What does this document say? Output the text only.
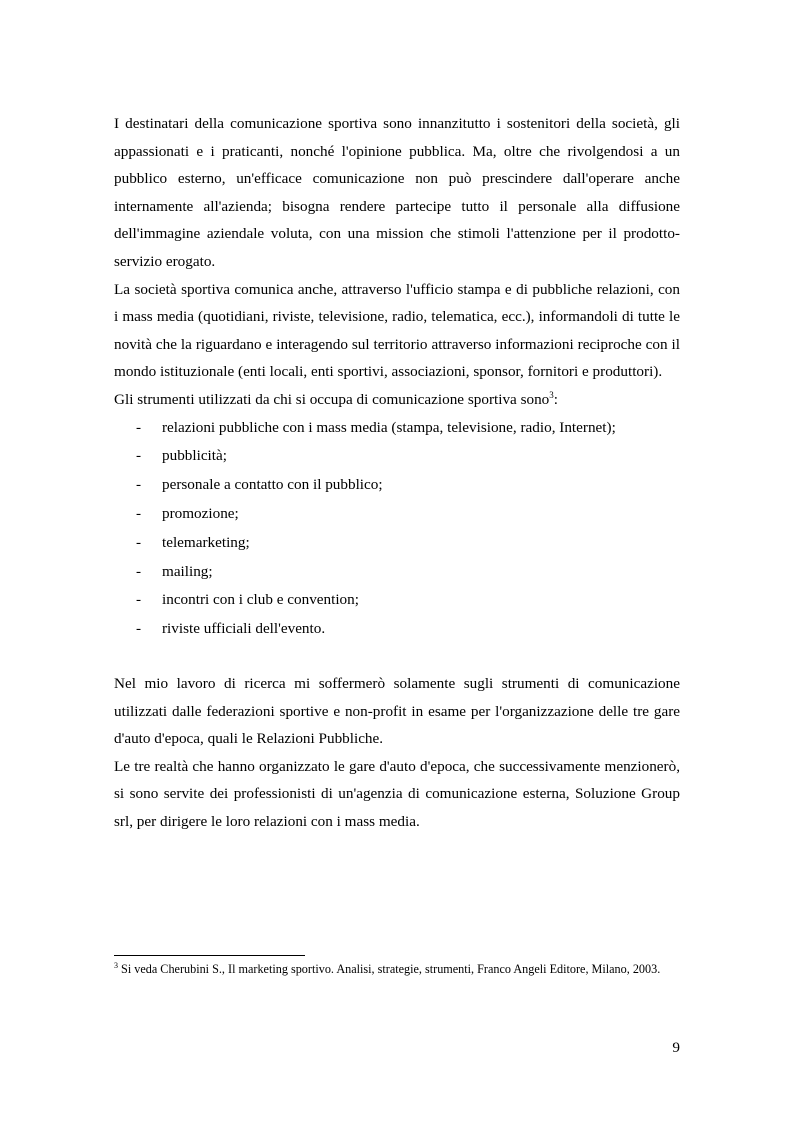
I destinatari della comunicazione sportiva sono innanzitutto i sostenitori della società, gli appassionati e i praticanti, nonché l'opinione pubblica. Ma, oltre che rivolgendosi a un pubblico esterno, un'efficace comunicazione non può prescindere dall'operare anche internamente all'azienda; bisogna rendere partecipe tutto il personale alla diffusione dell'immagine aziendale voluta, con una mission che stimoli l'attenzione per il prodotto-servizio erogato.

La società sportiva comunica anche, attraverso l'ufficio stampa e di pubbliche relazioni, con i mass media (quotidiani, riviste, televisione, radio, telematica, ecc.), informandoli di tutte le novità che la riguardano e interagendo sul territorio attraverso informazioni reciproche con il mondo istituzionale (enti locali, enti sportivi, associazioni, sponsor, fornitori e produttori).

Gli strumenti utilizzati da chi si occupa di comunicazione sportiva sono$^3$:

- relazioni pubbliche con i mass media (stampa, televisione, radio, Internet);
- pubblicità;
- personale a contatto con il pubblico;
- promozione;
- telemarketing;
- mailing;
- incontri con i club e convention;
- riviste ufficiali dell'evento.

Nel mio lavoro di ricerca mi soffermerò solamente sugli strumenti di comunicazione utilizzati dalle federazioni sportive e non-profit in esame per l'organizzazione delle tre gare d'auto d'epoca, quali le Relazioni Pubbliche.

Le tre realtà che hanno organizzato le gare d'auto d'epoca, che successivamente menzionerò, si sono servite dei professionisti di un'agenzia di comunicazione esterna, Soluzione Group srl, per dirigere le loro relazioni con i mass media.

$^3$ Si veda Cherubini S., Il marketing sportivo. Analisi, strategie, strumenti, Franco Angeli Editore, Milano, 2003.
9
